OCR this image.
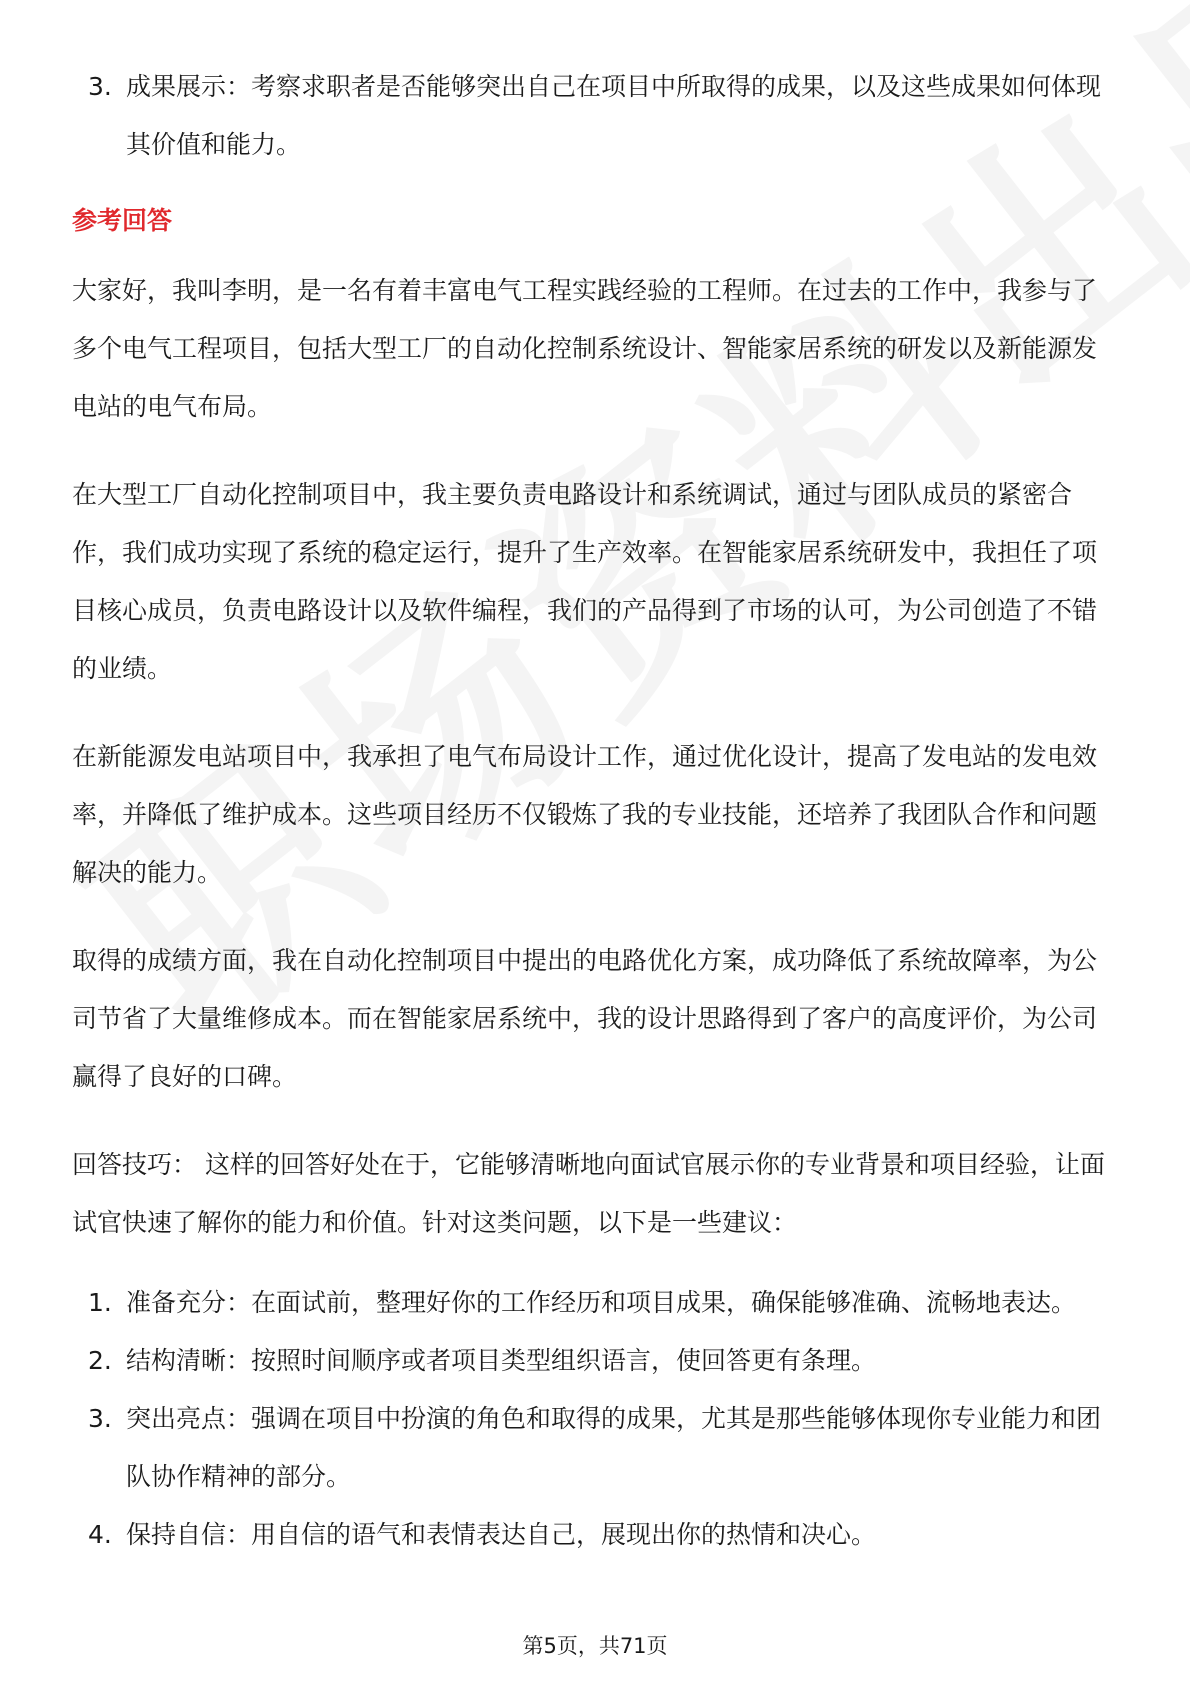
3. 成果展示：考察求职者是否能够突出自己在项目中所取得的成果，以及这些成果如何体现其价值和能力。
参考回答

大家好，我叫李明，是一名有着丰富电气工程实践经验的工程师。在过去的工作中，我参与了多个电气工程项目，包括大型工厂的自动化控制系统设计、智能家居系统的研发以及新能源发电站的电气布局。

在大型工厂自动化控制项目中，我主要负责电路设计和系统调试，通过与团队成员的紧密合作，我们成功实现了系统的稳定运行，提升了生产效率。在智能家居系统研发中，我担任了项目核心成员，负责电路设计以及软件编程，我们的产品得到了市场的认可，为公司创造了不错的业绩。

在新能源发电站项目中，我承担了电气布局设计工作，通过优化设计，提高了发电站的发电效率，并降低了维护成本。这些项目经历不仅锻炼了我的专业技能，还培养了我团队合作和问题解决的能力。

取得的成绩方面，我在自动化控制项目中提出的电路优化方案，成功降低了系统故障率，为公司节省了大量维修成本。而在智能家居系统中，我的设计思路得到了客户的高度评价，为公司赢得了良好的口碑。

回答技巧： 这样的回答好处在于，它能够清晰地向面试官展示你的专业背景和项目经验，让面试官快速了解你的能力和价值。针对这类问题，以下是一些建议：

1. 准备充分：在面试前，整理好你的工作经历和项目成果，确保能够准确、流畅地表达。
2. 结构清晰：按照时间顺序或者项目类型组织语言，使回答更有条理。
3. 突出亮点：强调在项目中扮演的角色和取得的成果，尤其是那些能够体现你专业能力和团队协作精神的部分。
4. 保持自信：用自信的语气和表情表达自己，展现出你的热情和决心。
第5页，共71页
